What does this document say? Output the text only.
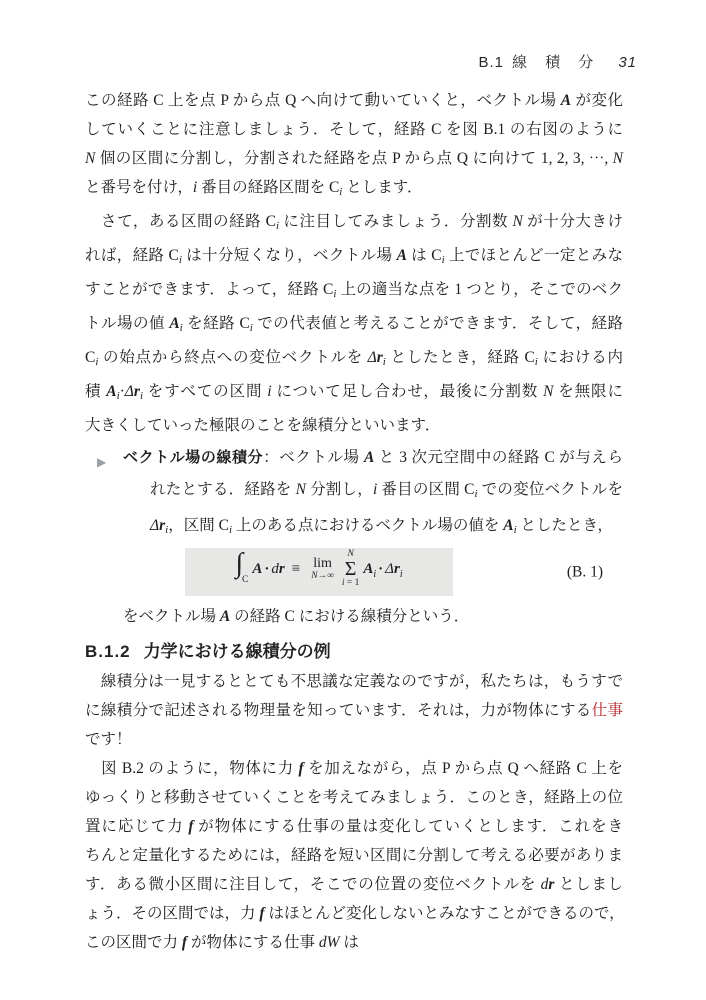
B.1 線 積 分 31
この経路 C 上を点 P から点 Q へ向けて動いていくと，ベクトル場 A が変化
していくことに注意しましょう．そして，経路 C を図 B.1 の右図のように
N 個の区間に分割し，分割された経路を点 P から点 Q に向けて 1, 2, 3, ⋯, N
と番号を付け，i 番目の経路区間を Ci とします．
　さて，ある区間の経路 Ci に注目してみましょう．分割数 N が十分大きけ
れば，経路 Ci は十分短くなり，ベクトル場 A は Ci 上でほとんど一定とみな
すことができます．よって，経路 Ci 上の適当な点を 1 つとり，そこでのベク
トル場の値 Ai を経路 Ci での代表値と考えることができます．そして，経路
Ci の始点から終点への変位ベクトルを Δri としたとき，経路 Ci における内
積 Ai·Δri をすべての区間 i について足し合わせ，最後に分割数 N を無限に
大きくしていった極限のことを線積分といいます．
▶ ベクトル場の線積分：ベクトル場 A と 3 次元空間中の経路 C が与えら
れたとする．経路を N 分割し，i 番目の区間 Ci での変位ベクトルを
Δri，区間 Ci 上のある点におけるベクトル場の値を Ai としたとき，
$\int_CA$ · dr ≡ lim
N→∞
N
Σ
i = 1
$A_i \cdot \Delta r_i$	(B. 1)
をベクトル場 A の経路 C における線積分という．
B.1.2 力学における線積分の例
　線積分は一見するととても不思議な定義なのですが，私たちは，もうすで
に線積分で記述される物理量を知っています．それは，力が物体にする仕事
です！
　図 B.2 のように，物体に力 f を加えながら，点 P から点 Q へ経路 C 上を
ゆっくりと移動させていくことを考えてみましょう．このとき，経路上の位
置に応じて力 f が物体にする仕事の量は変化していくとします．これをき
ちんと定量化するためには，経路を短い区間に分割して考える必要がありま
す．ある微小区間に注目して，そこでの位置の変位ベクトルを dr としまし
ょう．その区間では，力 f はほとんど変化しないとみなすことができるので，
この区間で力 f が物体にする仕事 dW は
